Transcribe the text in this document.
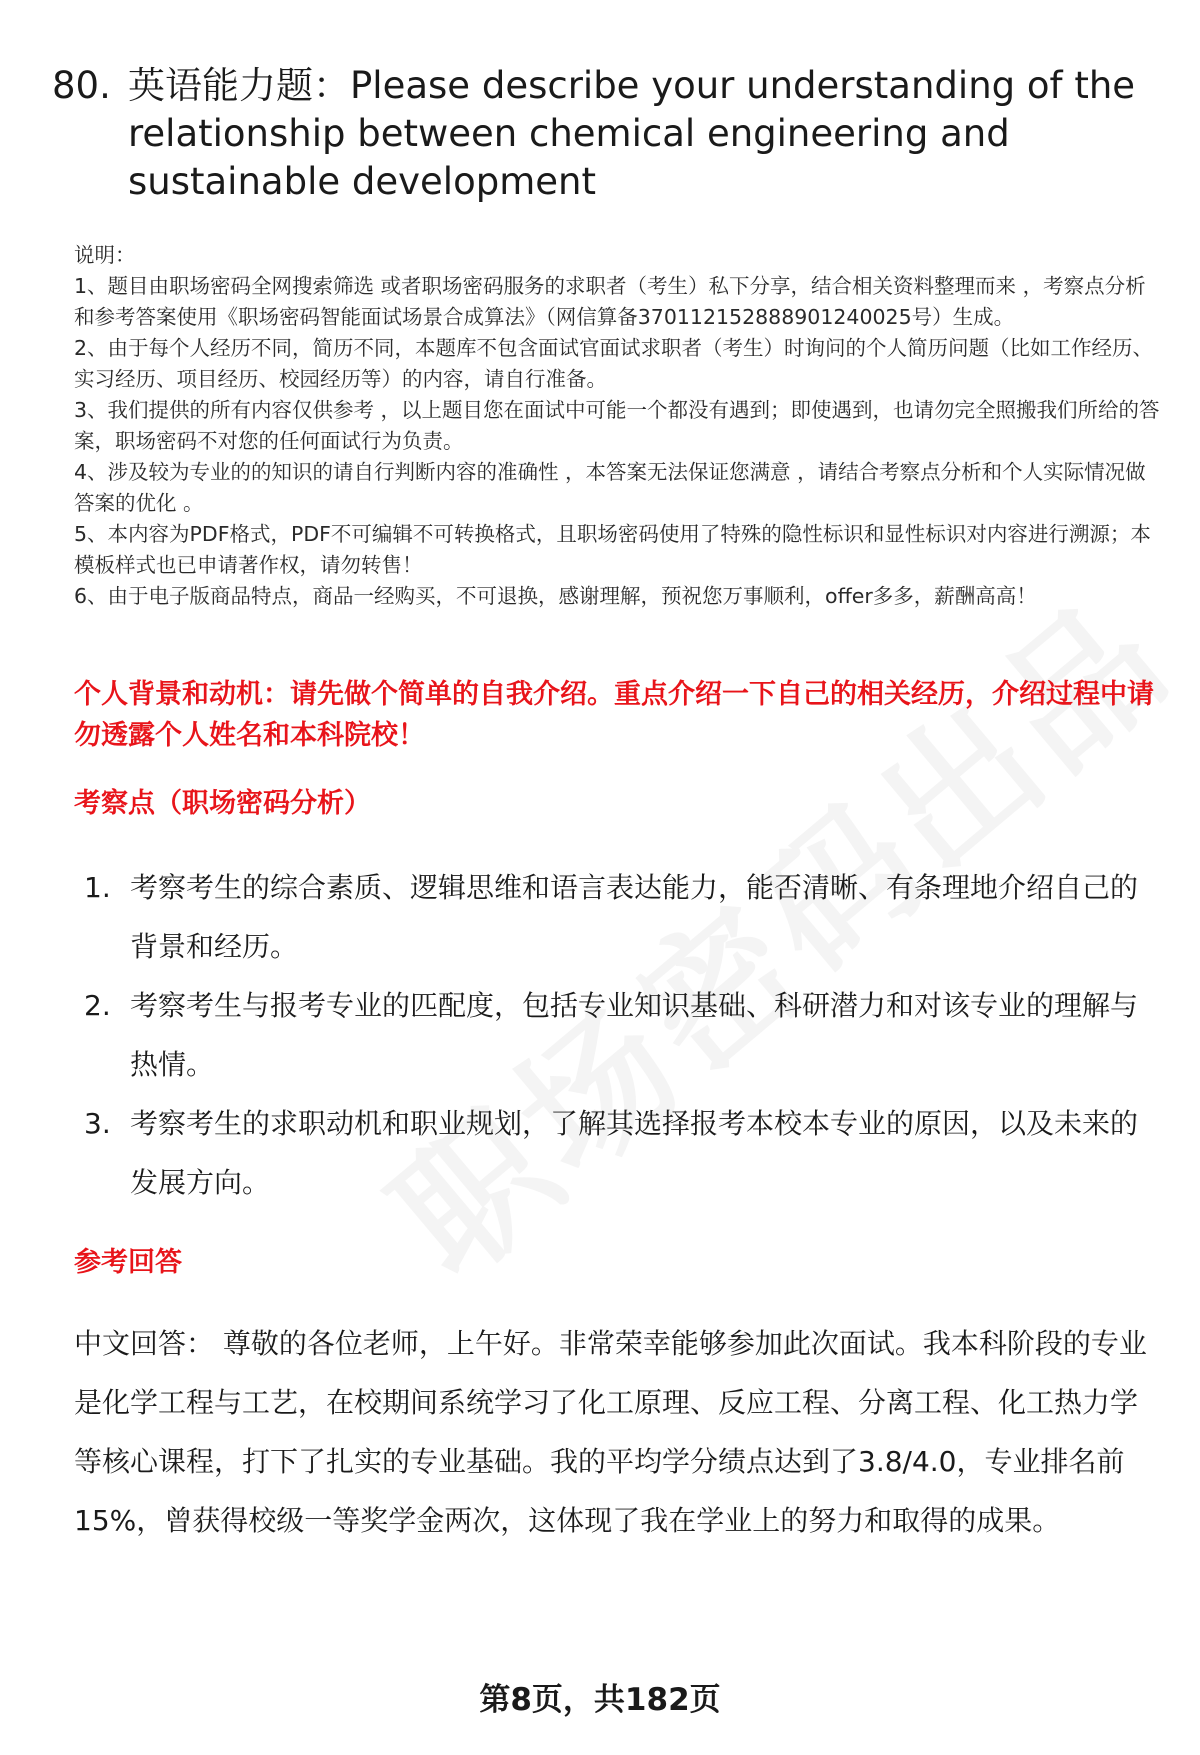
80. 英语能力题：Please describe your understanding of the relationship between chemical engineering and sustainable development

说明：

1、题目由职场密码全网搜索筛选 或者职场密码服务的求职者（考生）私下分享，结合相关资料整理而来 ，考察点分析和参考答案使用《职场密码智能面试场景合成算法》（网信算备370112152888901240025号）生成。

2、由于每个人经历不同，简历不同，本题库不包含面试官面试求职者（考生）时询问的个人简历问题（比如工作经历、实习经历、项目经历、校园经历等）的内容，请自行准备。

3、我们提供的所有内容仅供参考 ，以上题目您在面试中可能一个都没有遇到；即使遇到，也请勿完全照搬我们所给的答案，职场密码不对您的任何面试行为负责。

4、涉及较为专业的的知识的请自行判断内容的准确性 ，本答案无法保证您满意 ，请结合考察点分析和个人实际情况做答案的优化 。

5、本内容为PDF格式，PDF不可编辑不可转换格式，且职场密码使用了特殊的隐性标识和显性标识对内容进行溯源；本模板样式也已申请著作权，请勿转售！

6、由于电子版商品特点，商品一经购买，不可退换，感谢理解，预祝您万事顺利，offer多多，薪酬高高！

个人背景和动机：请先做个简单的自我介绍。重点介绍一下自己的相关经历，介绍过程中请勿透露个人姓名和本科院校！
考察点（职场密码分析）
1. 考察考生的综合素质、逻辑思维和语言表达能力，能否清晰、有条理地介绍自己的背景和经历。
2. 考察考生与报考专业的匹配度，包括专业知识基础、科研潜力和对该专业的理解与热情。
3. 考察考生的求职动机和职业规划，了解其选择报考本校本专业的原因，以及未来的发展方向。
参考回答

中文回答： 尊敬的各位老师，上午好。非常荣幸能够参加此次面试。我本科阶段的专业是化学工程与工艺，在校期间系统学习了化工原理、反应工程、分离工程、化工热力学等核心课程，打下了扎实的专业基础。我的平均学分绩点达到了3.8/4.0，专业排名前15%，曾获得校级一等奖学金两次，这体现了我在学业上的努力和取得的成果。

第8页，共182页
